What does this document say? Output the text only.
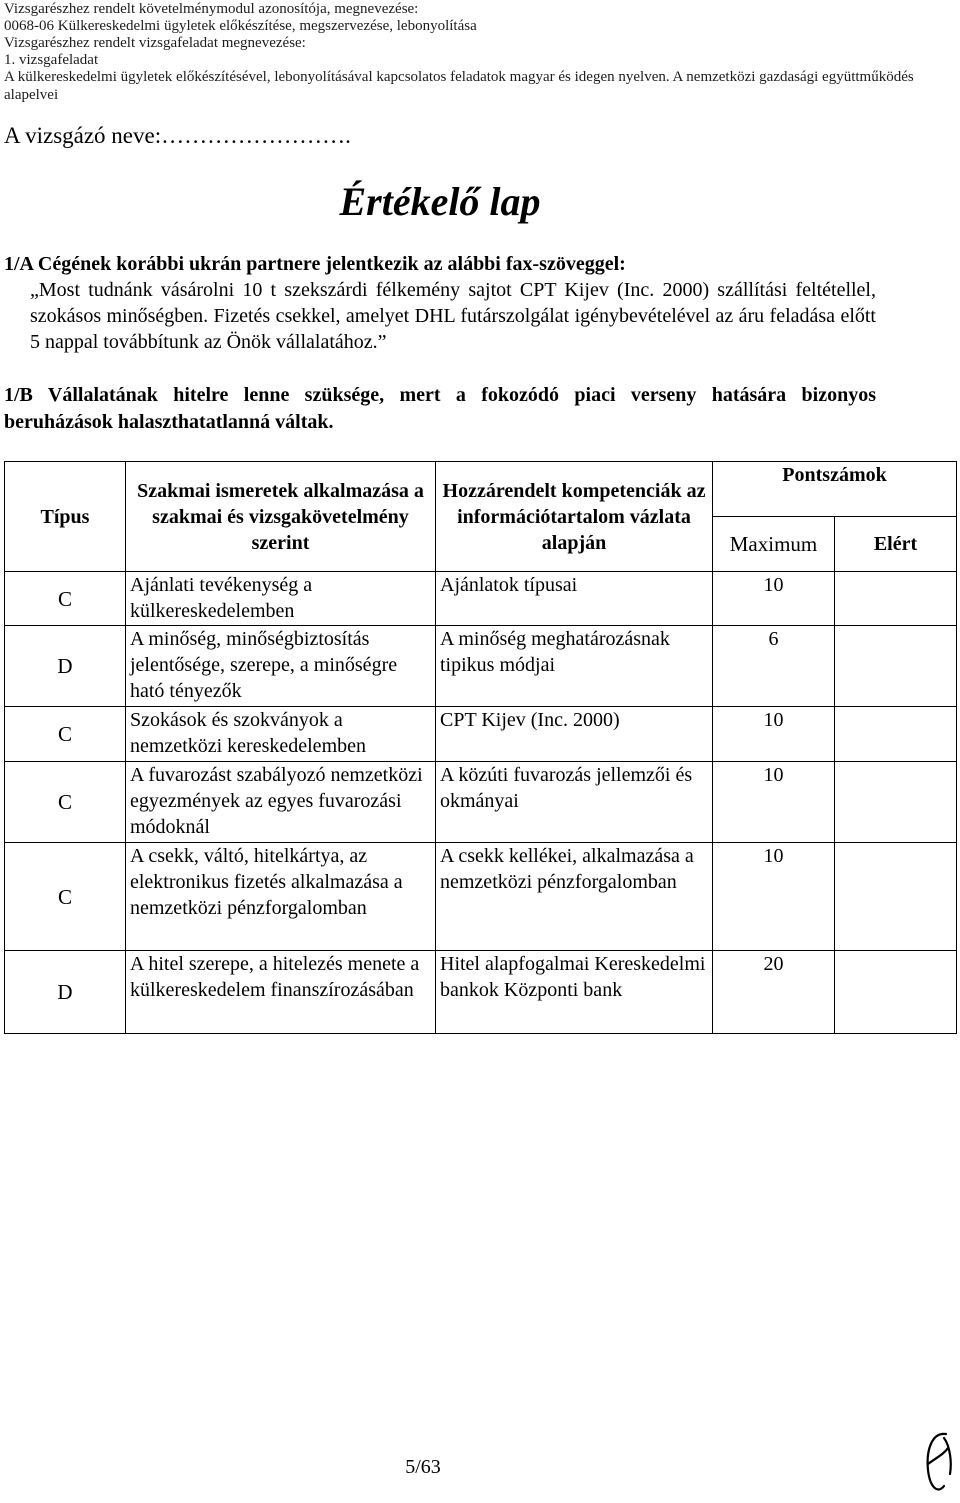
Vizsgarészhez rendelt követelménymodul azonosítója, megnevezése:
0068-06 Külkereskedelmi ügyletek előkészítése, megszervezése, lebonyolítása
Vizsgarészhez rendelt vizsgafeladat megnevezése:
1. vizsgafeladat
A külkereskedelmi ügyletek előkészítésével, lebonyolításával kapcsolatos feladatok magyar és idegen nyelven. A nemzetközi gazdasági együttműködés alapelvei
A vizsgázó neve:…………………….
Értékelő lap
1/A Cégének korábbi ukrán partnere jelentkezik az alábbi fax-szöveggel:
„Most tudnánk vásárolni 10 t szekszárdi félkemény sajtot CPT Kijev (Inc. 2000) szállítási feltétellel, szokásos minőségben. Fizetés csekkel, amelyet DHL futárszolgálat igénybevételével az áru feladása előtt 5 nappal továbbítunk az Önök vállalatához.”
1/B Vállalatának hitelre lenne szüksége, mert a fokozódó piaci verseny hatására bizonyos beruházások halaszthatatlanná váltak.
Típus	Szakmai ismeretek alkalmazása a szakmai és vizsgakövetelmény szerint	Hozzárendelt kompetenciák az információtartalom vázlata alapján	Pontszámok	
			Maximum	Elért
C	Ajánlati tevékenység a külkereskedelemben	Ajánlatok típusai	10	
D	A minőség, minőségbiztosítás jelentősége, szerepe, a minőségre ható tényezők	A minőség meghatározásnak tipikus módjai	6	
C	Szokások és szokványok a nemzetközi kereskedelemben	CPT Kijev (Inc. 2000)	10	
C	A fuvarozást szabályozó nemzetközi egyezmények az egyes fuvarozási módoknál	A közúti fuvarozás jellemzői és okmányai	10	
C	A csekk, váltó, hitelkártya, az elektronikus fizetés alkalmazása a nemzetközi pénzforgalomban	A csekk kellékei, alkalmazása a nemzetközi pénzforgalomban	10	
D	A hitel szerepe, a hitelezés menete a külkereskedelem finanszírozásában	Hitel alapfogalmai Kereskedelmi bankok Központi bank	20	
5/63
